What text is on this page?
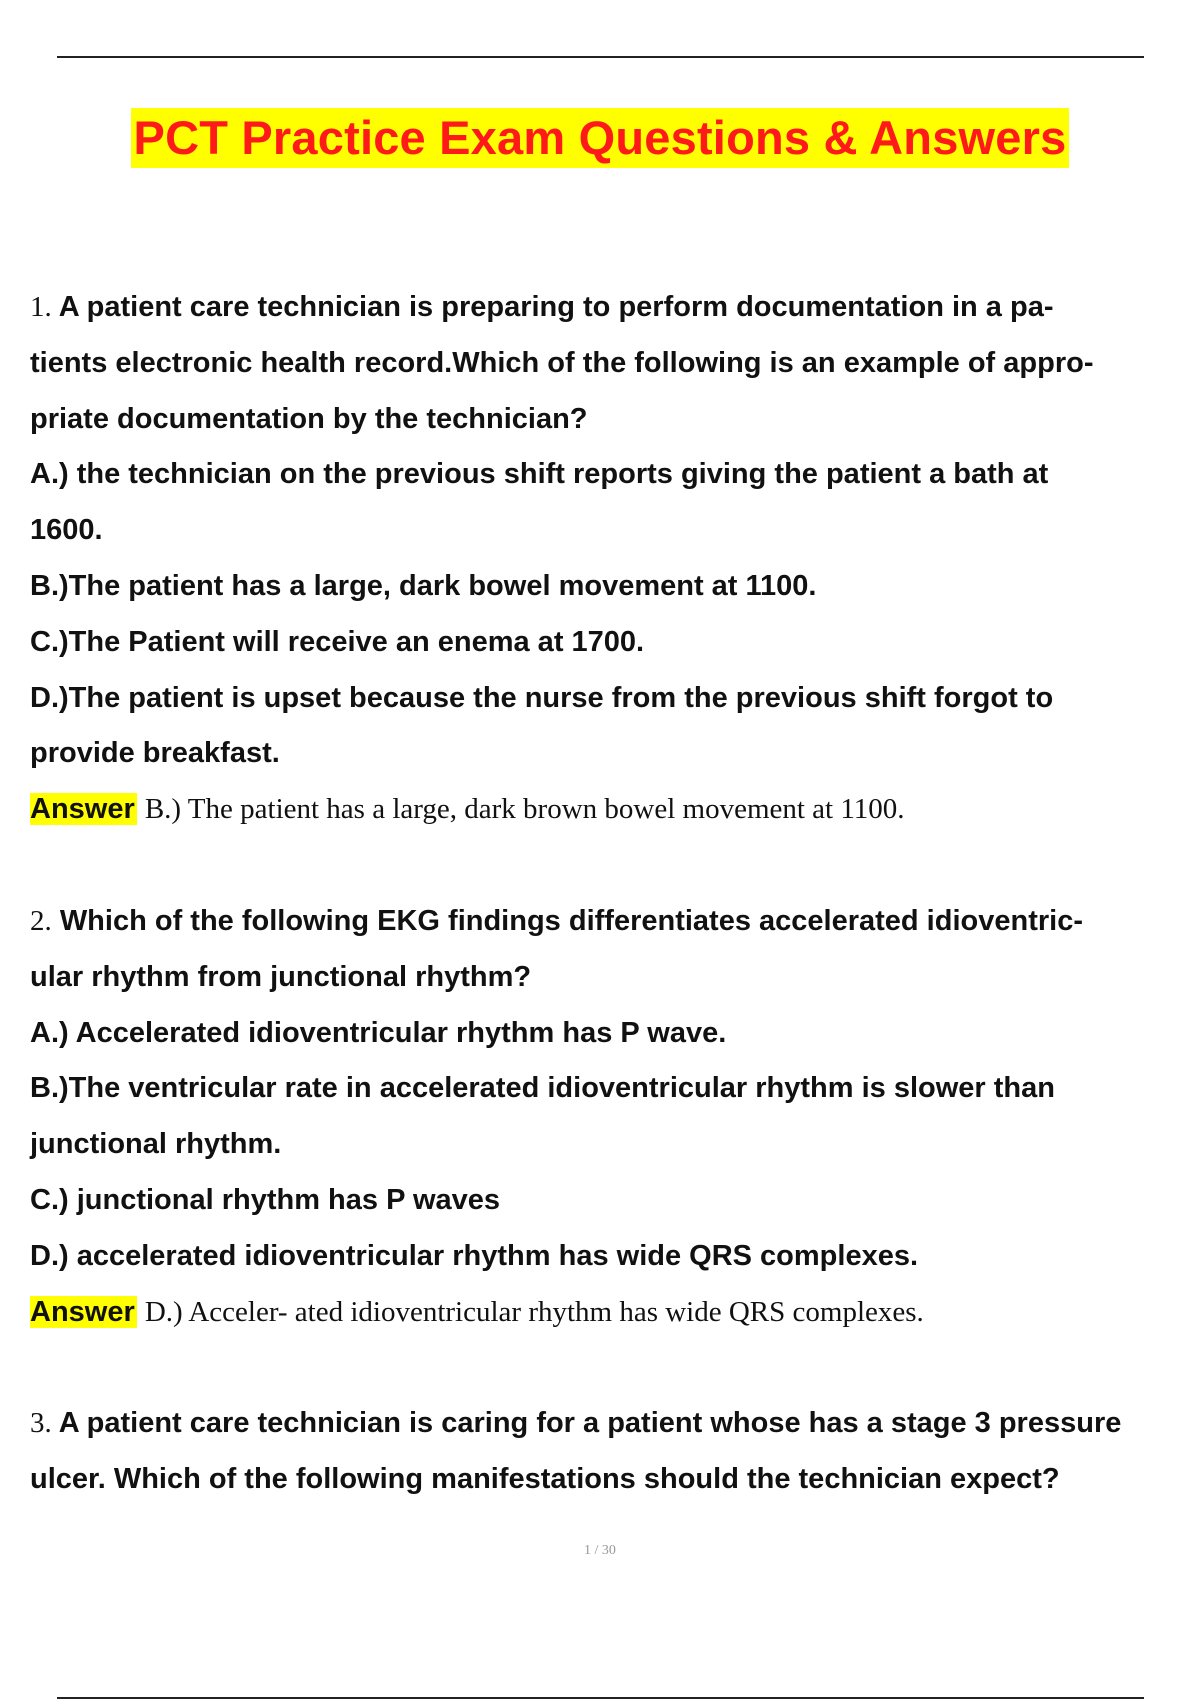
PCT Practice Exam Questions & Answers
1. A patient care technician is preparing to perform documentation in a pa-
tients electronic health record.Which of the following is an example of appro-
priate documentation by the technician?
A.) the technician on the previous shift reports giving the patient a bath at
1600.
B.)The patient has a large, dark bowel movement at 1100.
C.)The Patient will receive an enema at 1700.
D.)The patient is upset because the nurse from the previous shift forgot to
provide breakfast.
Answer B.) The patient has a large, dark brown bowel movement at 1100.
2. Which of the following EKG findings differentiates accelerated idioventric-
ular rhythm from junctional rhythm?
A.) Accelerated idioventricular rhythm has P wave.
B.)The ventricular rate in accelerated idioventricular rhythm is slower than
junctional rhythm.
C.) junctional rhythm has P waves
D.) accelerated idioventricular rhythm has wide QRS complexes.
Answer D.) Acceler- ated idioventricular rhythm has wide QRS complexes.
3. A patient care technician is caring for a patient whose has a stage 3 pressure
ulcer. Which of the following manifestations should the technician expect?
1 / 30
